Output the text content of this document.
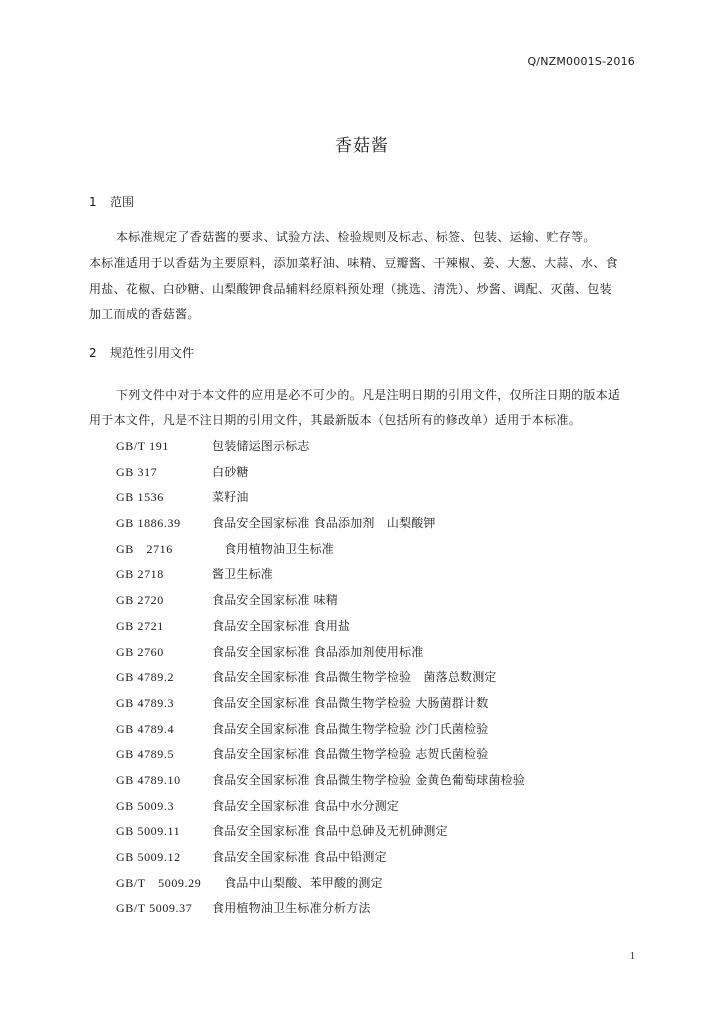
Q/NZM0001S-2016
香菇酱
1 范围
本标准规定了香菇酱的要求、试验方法、检验规则及标志、标签、包装、运输、贮存等。
本标准适用于以香菇为主要原料，添加菜籽油、味精、豆瓣酱、干辣椒、姜、大葱、大蒜、水、食
用盐、花椒、白砂糖、山梨酸钾食品辅料经原料预处理（挑选、清洗）、炒酱、调配、灭菌、包装
加工而成的香菇酱。
2 规范性引用文件
下列文件中对于本文件的应用是必不可少的。凡是注明日期的引用文件，仅所注日期的版本适
用于本文件，凡是不注日期的引用文件，其最新版本（包括所有的修改单）适用于本标准。
GB/T 191	包装储运图示标志
GB 317	白砂糖
GB 1536	菜籽油
GB 1886.39	食品安全国家标准 食品添加剂　山梨酸钾
GB　2716	　食用植物油卫生标准
GB 2718	酱卫生标准
GB 2720	食品安全国家标准 味精
GB 2721	食品安全国家标准 食用盐
GB 2760	食品安全国家标准 食品添加剂使用标准
GB 4789.2	食品安全国家标准 食品微生物学检验　菌落总数测定
GB 4789.3	食品安全国家标准 食品微生物学检验 大肠菌群计数
GB 4789.4	食品安全国家标准 食品微生物学检验 沙门氏菌检验
GB 4789.5	食品安全国家标准 食品微生物学检验 志贺氏菌检验
GB 4789.10	食品安全国家标准 食品微生物学检验 金黄色葡萄球菌检验
GB 5009.3	食品安全国家标准 食品中水分测定
GB 5009.11	食品安全国家标准 食品中总砷及无机砷测定
GB 5009.12	食品安全国家标准 食品中铅测定
GB/T　5009.29 　食品中山梨酸、苯甲酸的测定
GB/T 5009.37 食用植物油卫生标准分析方法
1
